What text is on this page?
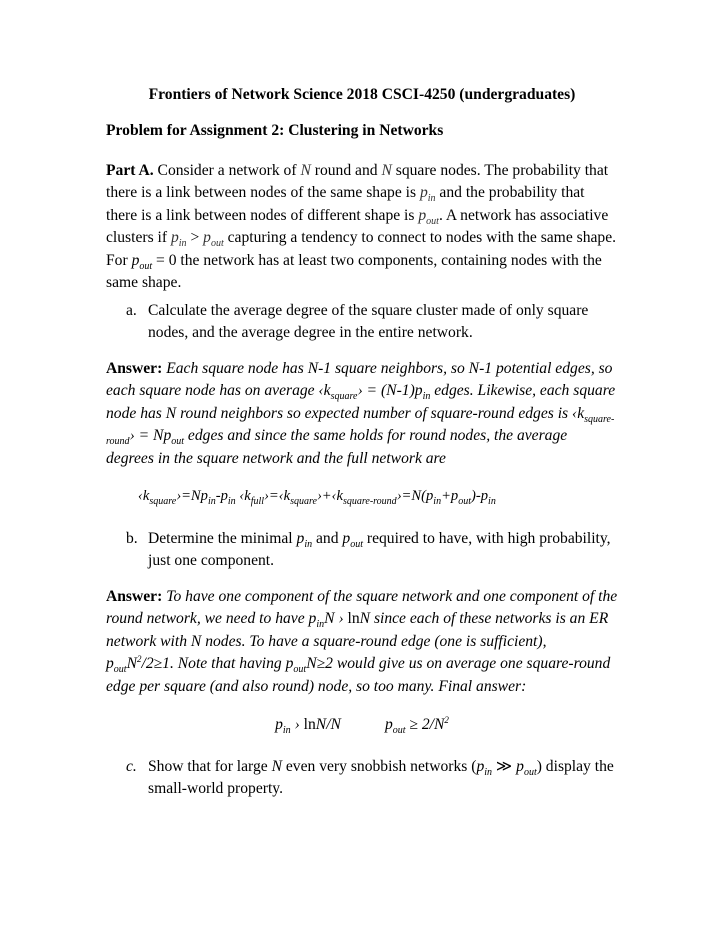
Frontiers of Network Science 2018 CSCI-4250 (undergraduates)
Problem for Assignment 2: Clustering in Networks
Part A. Consider a network of N round and N square nodes. The probability that there is a link between nodes of the same shape is $p_{in}$ and the probability that there is a link between nodes of different shape is $p_{out}$. A network has associative clusters if $p_{in} > p_{out}$ capturing a tendency to connect to nodes with the same shape. For $p_{out} = 0$ the network has at least two components, containing nodes with the same shape.
a. Calculate the average degree of the square cluster made of only square nodes, and the average degree in the entire network.
Answer: Each square node has N-1 square neighbors, so N-1 potential edges, so each square node has on average $‹k_{square}› = (N-1)p_{in}$ edges. Likewise, each square node has N round neighbors so expected number of square-round edges is $‹k_{square-round}› = Np_{out}$ edges and since the same holds for round nodes, the average degrees in the square network and the full network are
$‹k_{square}›=Np_{in}-p_{in}$ $‹k_{full}›=‹k_{square}›+‹k_{square-round}›=N(p_{in}+p_{out})-p_{in}$
b. Determine the minimal $p_{in}$ and $p_{out}$ required to have, with high probability, just one component.
Answer: To have one component of the square network and one component of the round network, we need to have $p_{in}N$ › lnN since each of these networks is an ER network with N nodes. To have a square-round edge (one is sufficient), $p_{out}N^2/2\ge 1$. Note that having $p_{out}N\ge 2$ would give us on average one square-round edge per square (and also round) node, so too many. Final answer:
$p_{in}$ › lnN/N	$p_{out} \ge 2/N^2$
c. Show that for large N even very snobbish networks ($p_{in}$ ≫ $p_{out}$) display the small-world property.
